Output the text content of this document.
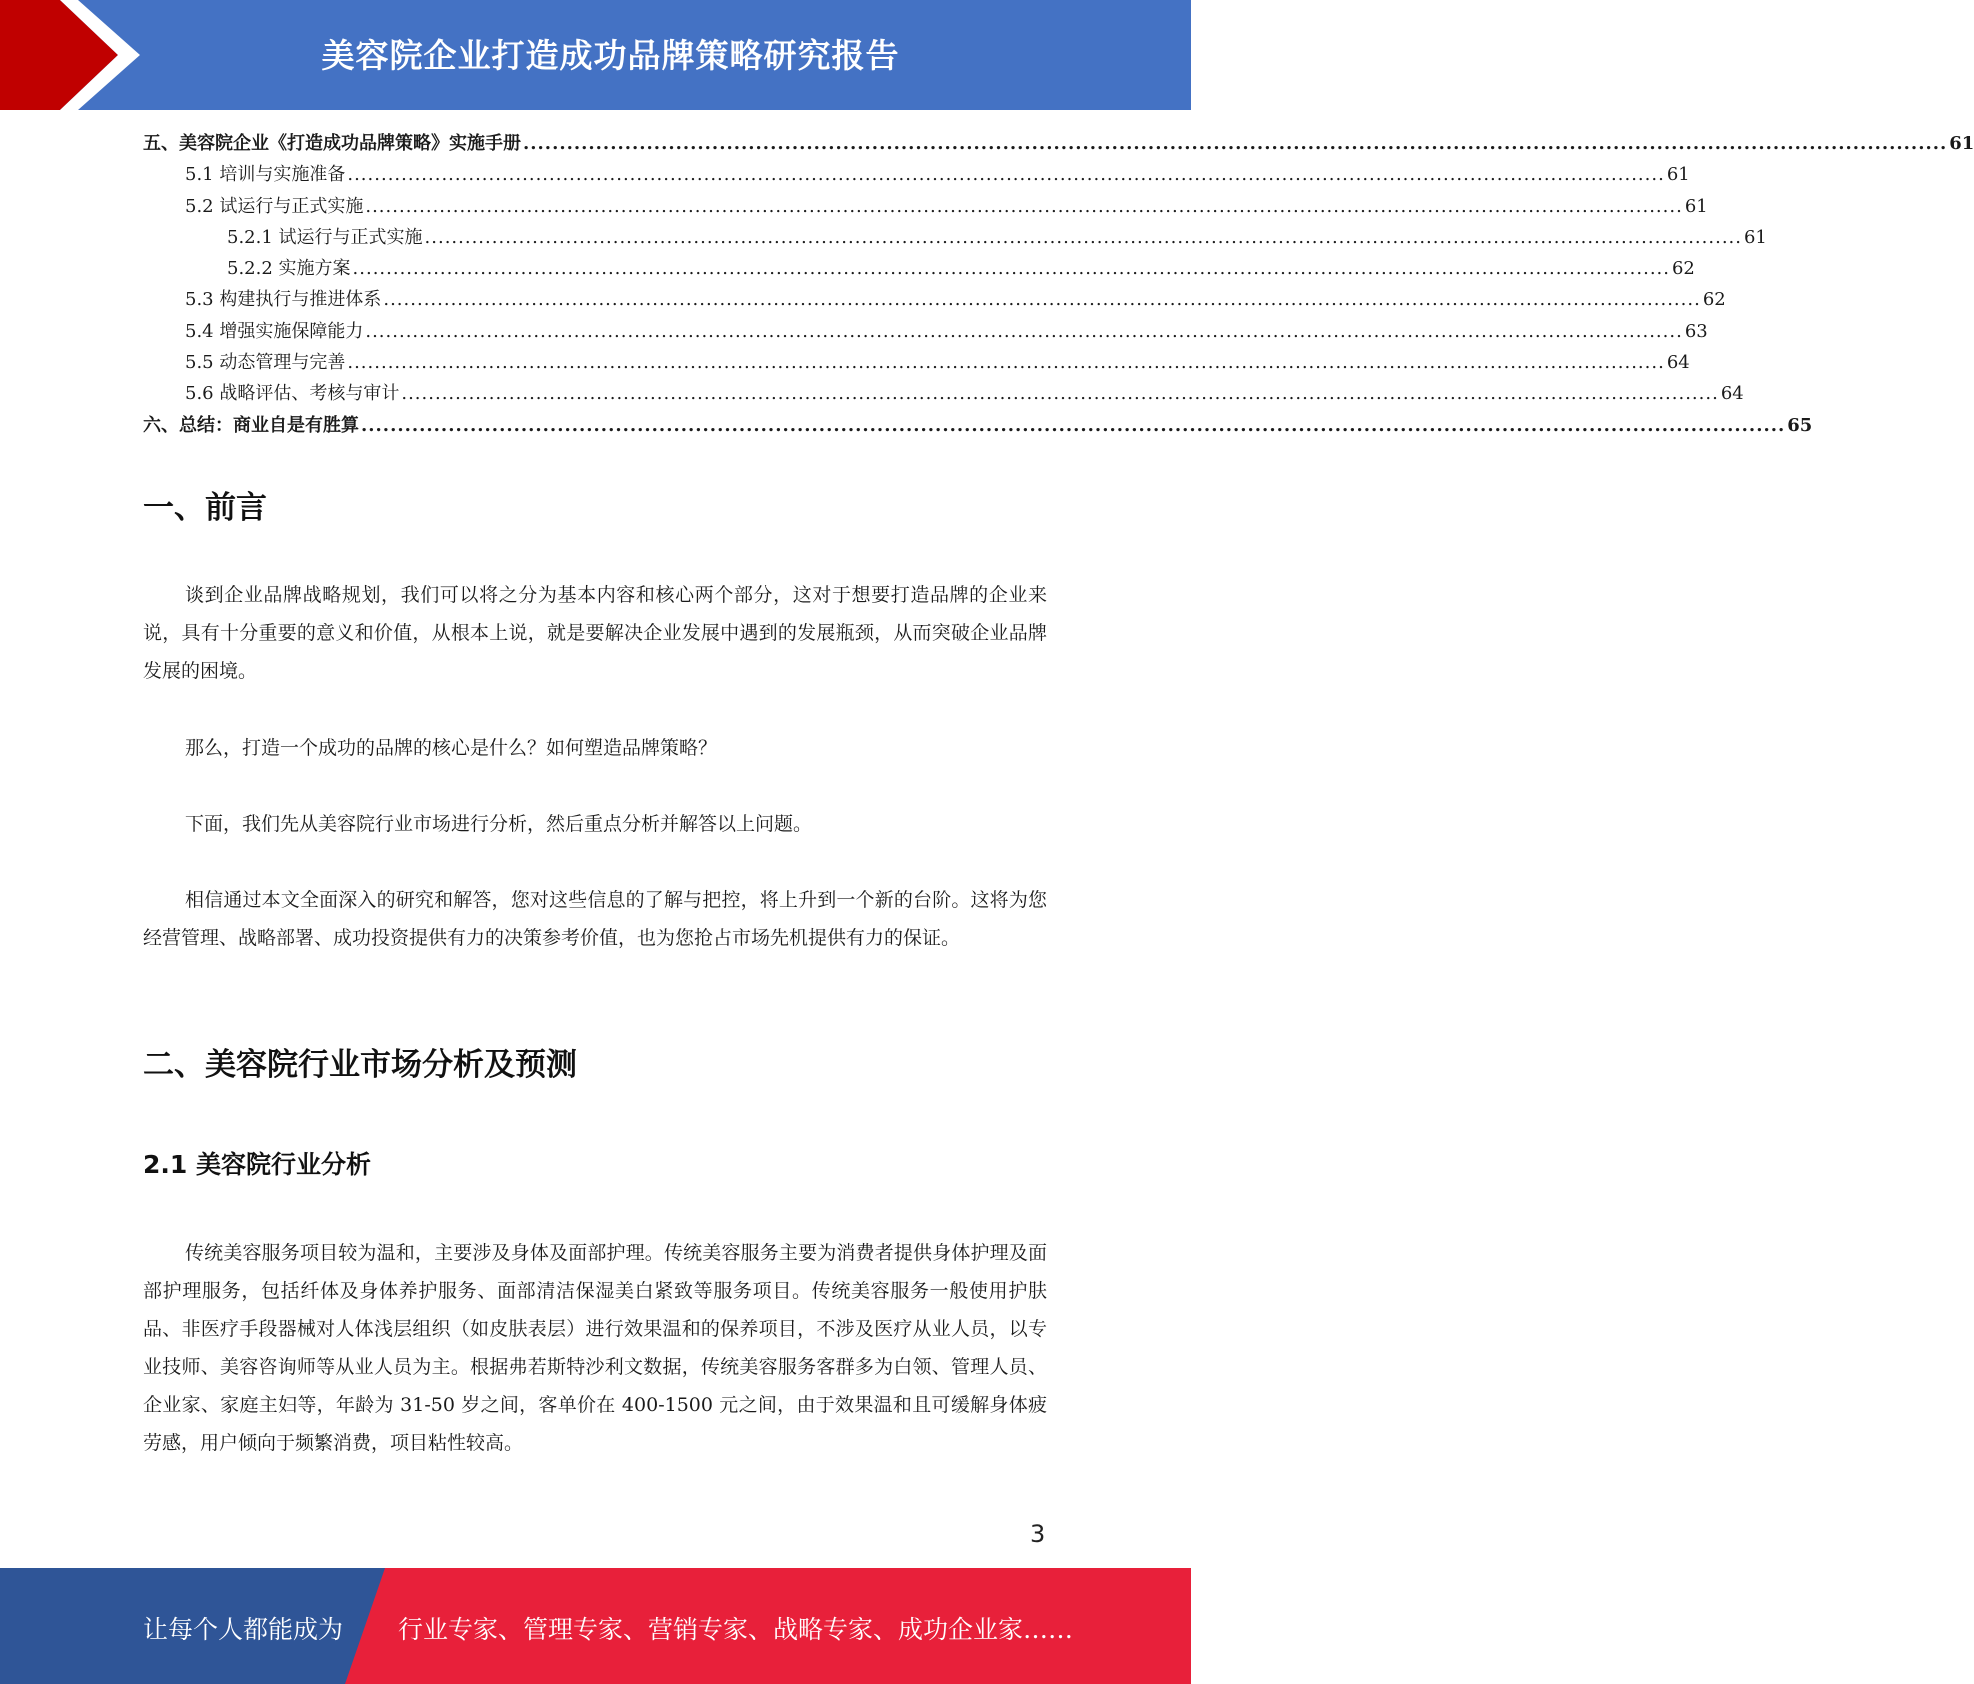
美容院企业打造成功品牌策略研究报告
五、美容院企业《打造成功品牌策略》实施手册 .................................................................................................................................................................................................... 61
5.1 培训与实施准备 .................................................................................................................................................................................................... 61
5.2 试运行与正式实施 .................................................................................................................................................................................................... 61
5.2.1 试运行与正式实施 .................................................................................................................................................................................................... 61
5.2.2 实施方案 .................................................................................................................................................................................................... 62
5.3 构建执行与推进体系 .................................................................................................................................................................................................... 62
5.4 增强实施保障能力 .................................................................................................................................................................................................... 63
5.5 动态管理与完善 .................................................................................................................................................................................................... 64
5.6 战略评估、考核与审计 .................................................................................................................................................................................................... 64
六、总结：商业自是有胜算 .................................................................................................................................................................................................... 65
一、前言

谈到企业品牌战略规划，我们可以将之分为基本内容和核心两个部分，这对于想要打造品牌的企业来说，具有十分重要的意义和价值，从根本上说，就是要解决企业发展中遇到的发展瓶颈，从而突破企业品牌发展的困境。

那么，打造一个成功的品牌的核心是什么？如何塑造品牌策略？

下面，我们先从美容院行业市场进行分析，然后重点分析并解答以上问题。

相信通过本文全面深入的研究和解答，您对这些信息的了解与把控，将上升到一个新的台阶。这将为您经营管理、战略部署、成功投资提供有力的决策参考价值，也为您抢占市场先机提供有力的保证。

二、美容院行业市场分析及预测
2.1 美容院行业分析

传统美容服务项目较为温和，主要涉及身体及面部护理。传统美容服务主要为消费者提供身体护理及面部护理服务，包括纤体及身体养护服务、面部清洁保湿美白紧致等服务项目。传统美容服务一般使用护肤品、非医疗手段器械对人体浅层组织（如皮肤表层）进行效果温和的保养项目，不涉及医疗从业人员，以专业技师、美容咨询师等从业人员为主。根据弗若斯特沙利文数据，传统美容服务客群多为白领、管理人员、企业家、家庭主妇等，年龄为 31-50 岁之间，客单价在 400-1500 元之间，由于效果温和且可缓解身体疲劳感，用户倾向于频繁消费，项目粘性较高。

3
让每个人都能成为 行业专家、管理专家、营销专家、战略专家、成功企业家……
